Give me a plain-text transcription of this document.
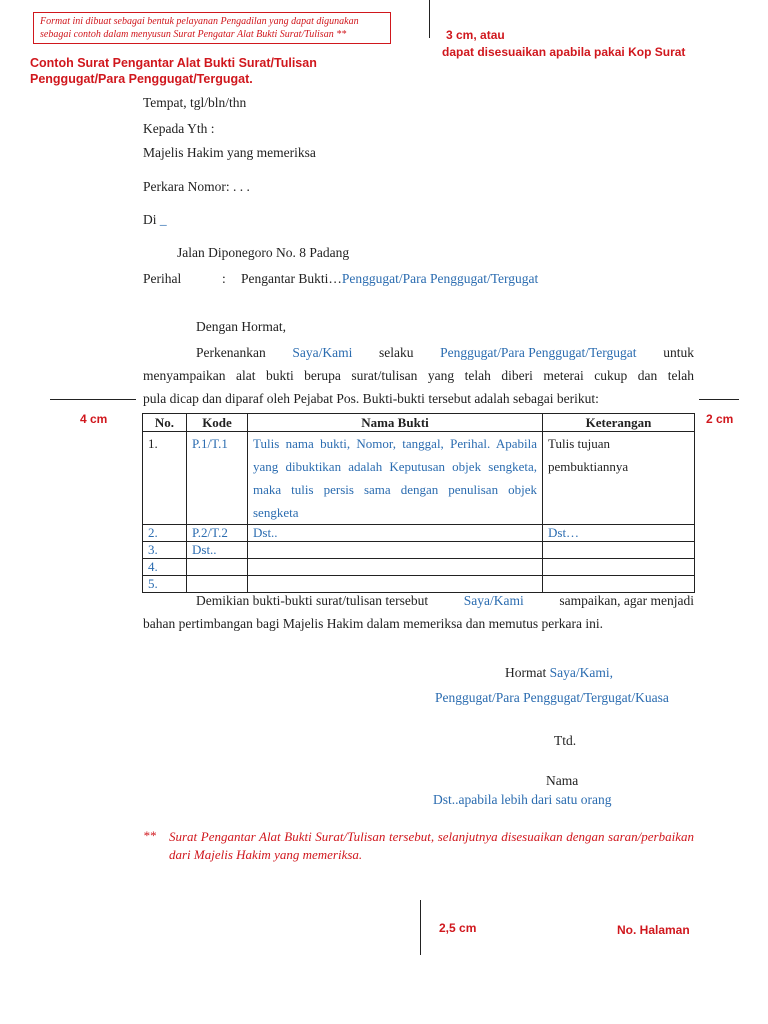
Format ini dibuat sebagai bentuk pelayanan Pengadilan yang dapat digunakan sebagai contoh dalam menyusun Surat Pengatar Alat Bukti Surat/Tulisan **	3 cm, atau
dapat disesuaikan apabila pakai Kop Surat
Contoh Surat Pengantar Alat Bukti Surat/Tulisan Penggugat/Para Penggugat/Tergugat.
Tempat, tgl/bln/thn
Kepada Yth :
Majelis Hakim yang memeriksa
Perkara Nomor: . . .
Di _
Jalan Diponegoro No. 8 Padang
Perihal	: Pengantar Bukti…Penggugat/Para Penggugat/Tergugat
Dengan Hormat,
Perkenankan Saya/Kami selaku Penggugat/Para Penggugat/Tergugat untuk
menyampaikan alat bukti berupa surat/tulisan yang telah diberi meterai cukup dan telah
pula dicap dan diparaf oleh Pejabat Pos. Bukti-bukti tersebut adalah sebagai berikut:
4 cm	2 cm
No.	Kode	Nama Bukti	Keterangan
1.	P.1/T.1	Tulis nama bukti, Nomor, tanggal, Perihal. Apabila yang dibuktikan adalah Keputusan objek sengketa, maka tulis persis sama dengan penulisan objek sengketa	Tulis tujuan pembuktiannya
2.	P.2/T.2	Dst..	Dst…
3.	Dst..		
4.			
5.			
Demikian bukti-bukti surat/tulisan tersebut	Saya/Kami	sampaikan, agar menjadi
bahan pertimbangan bagi Majelis Hakim dalam memeriksa dan memutus perkara ini.
Hormat Saya/Kami,
Penggugat/Para Penggugat/Tergugat/Kuasa
Ttd.
Nama
Dst..apabila lebih dari satu orang
** Surat Pengantar Alat Bukti Surat/Tulisan tersebut, selanjutnya disesuaikan dengan saran/perbaikan dari Majelis Hakim yang memeriksa.
2,5 cm	No. Halaman
